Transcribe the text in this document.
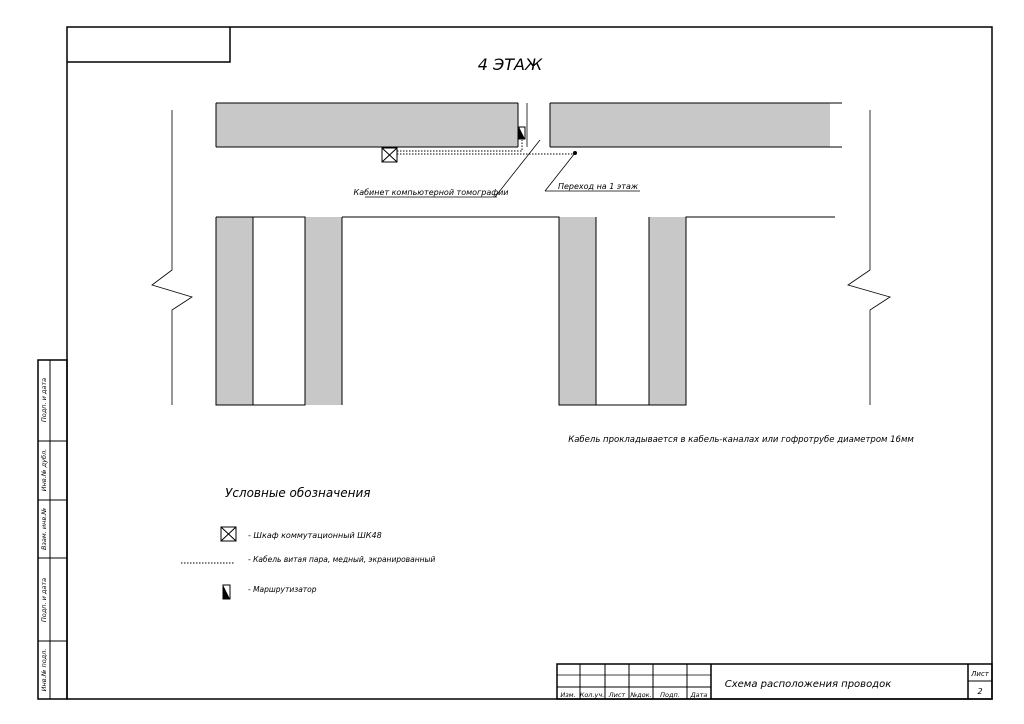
Подп. и дата
Инв.№ дубл.
Взам. инв.№
Подп. и дата
Инв.№ подл.
4 ЭТАЖ
Кабинет компьютерной томографии
Переход на 1 этаж
Кабель прокладывается в кабель-каналах или гофротрубе диаметром 16мм
Условные обозначения
- Шкаф коммутационный ШК48
- Кабель витая пара, медный, экранированный
- Маршрутизатор
Изм. Кол.уч. Лист №док. Подп. Дата
Схема расположения проводок
Лист
2
